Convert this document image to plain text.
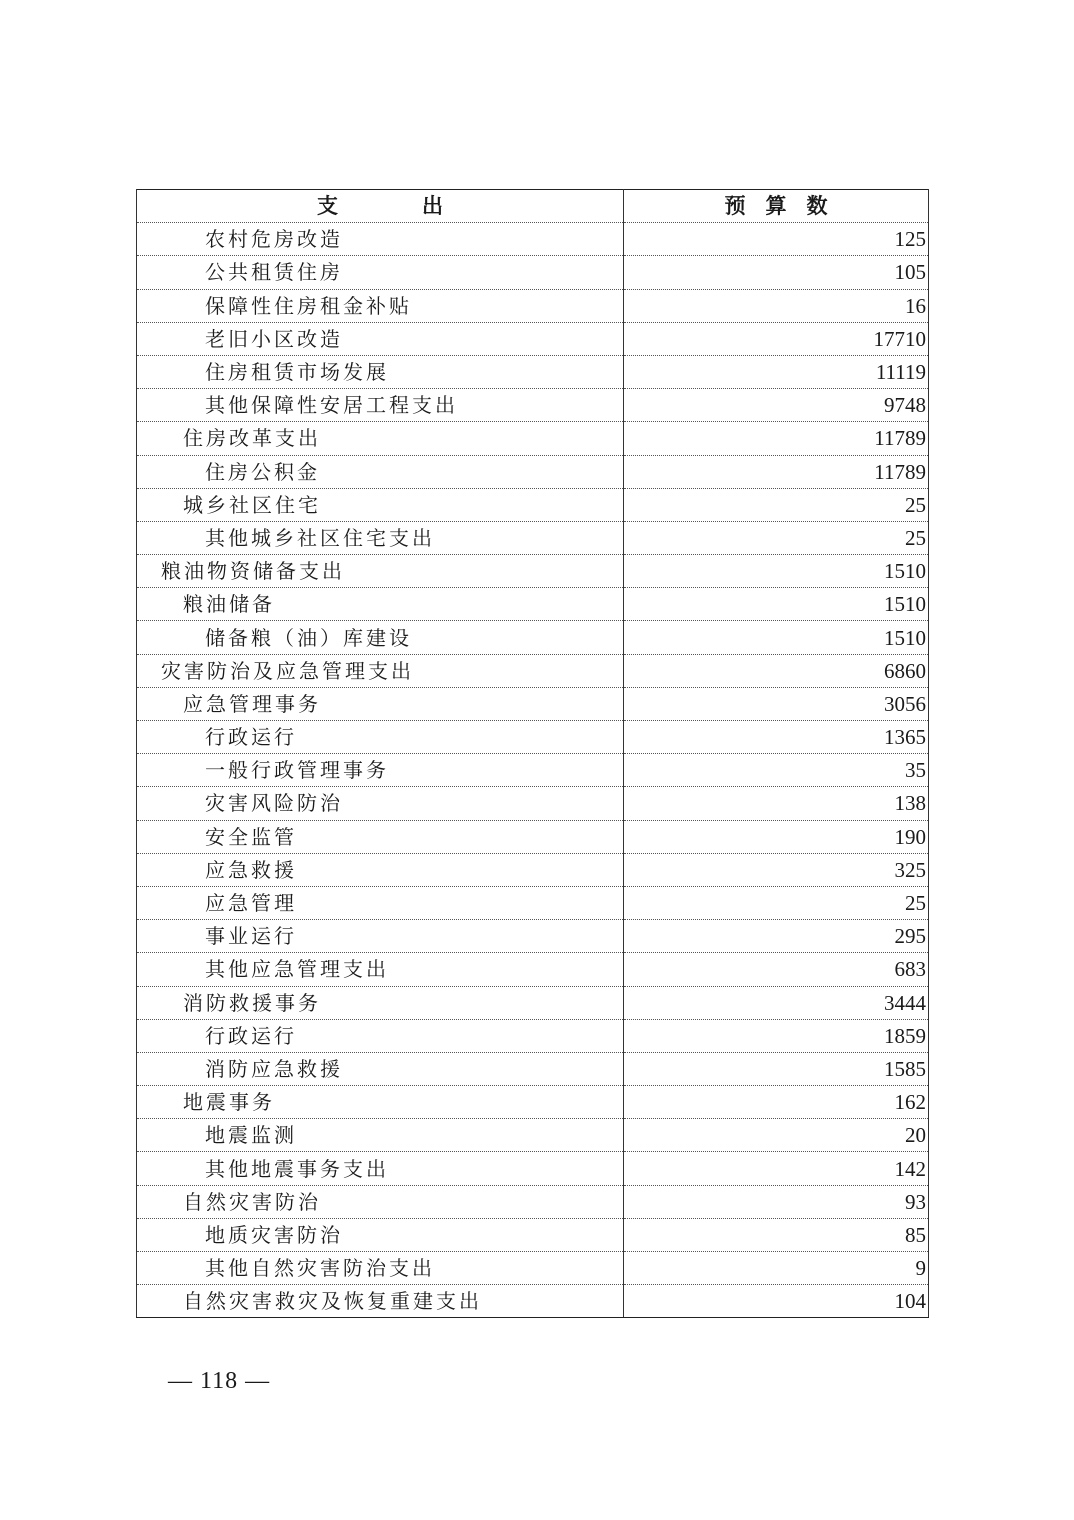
支出	预算数
农村危房改造	125
公共租赁住房	105
保障性住房租金补贴	16
老旧小区改造	17710
住房租赁市场发展	11119
其他保障性安居工程支出	9748
住房改革支出	11789
住房公积金	11789
城乡社区住宅	25
其他城乡社区住宅支出	25
粮油物资储备支出	1510
粮油储备	1510
储备粮（油）库建设	1510
灾害防治及应急管理支出	6860
应急管理事务	3056
行政运行	1365
一般行政管理事务	35
灾害风险防治	138
安全监管	190
应急救援	325
应急管理	25
事业运行	295
其他应急管理支出	683
消防救援事务	3444
行政运行	1859
消防应急救援	1585
地震事务	162
地震监测	20
其他地震事务支出	142
自然灾害防治	93
地质灾害防治	85
其他自然灾害防治支出	9
自然灾害救灾及恢复重建支出	104
— 118 —
